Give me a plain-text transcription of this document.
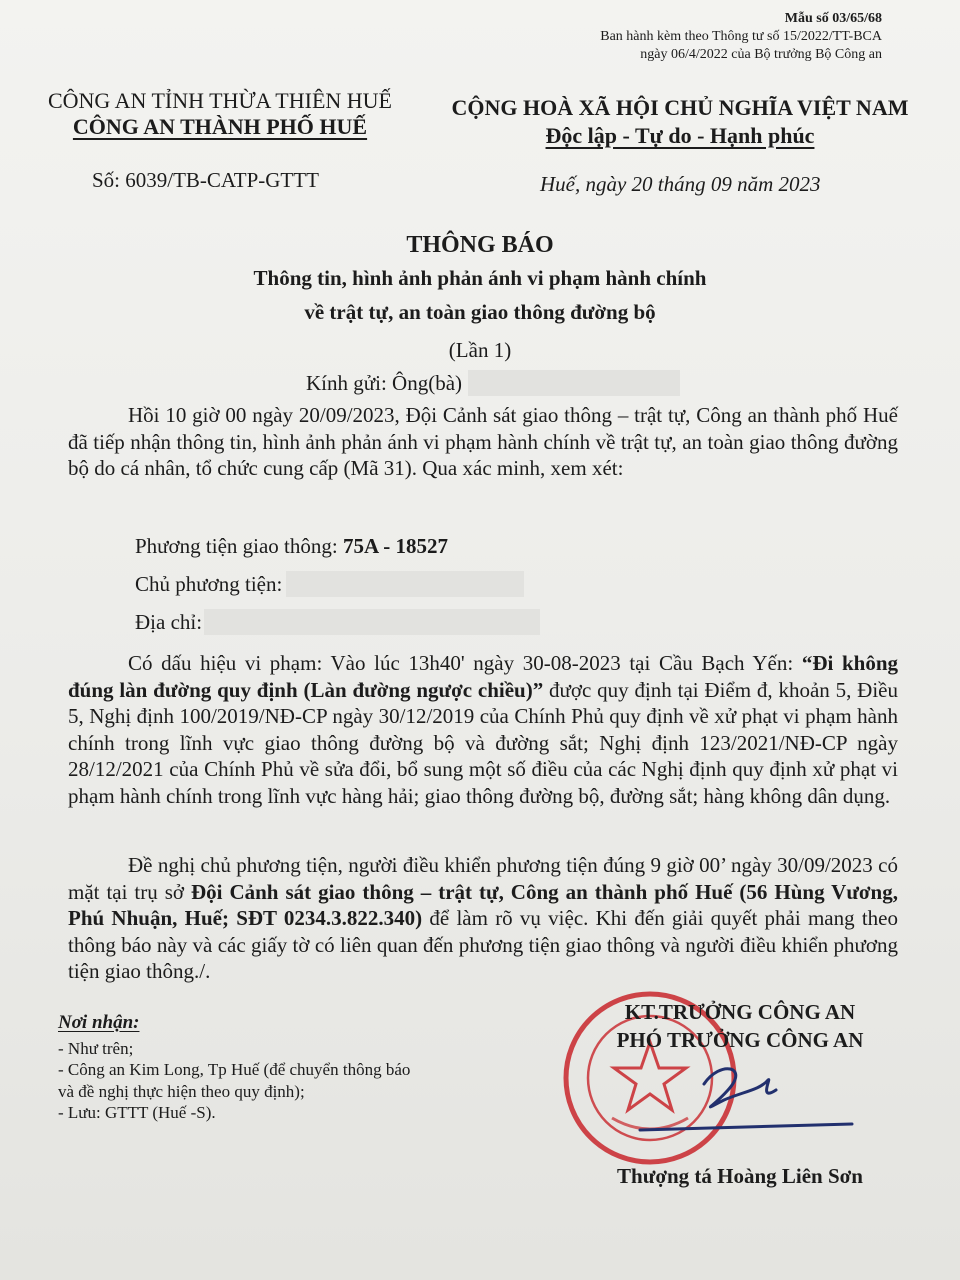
Mẫu số 03/65/68
Ban hành kèm theo Thông tư số 15/2022/TT-BCA
ngày 06/4/2022 của Bộ trưởng Bộ Công an
CÔNG AN TỈNH THỪA THIÊN HUẾ
CÔNG AN THÀNH PHỐ HUẾ
Số: 6039/TB-CATP-GTTT
CỘNG HOÀ XÃ HỘI CHỦ NGHĨA VIỆT NAM
Độc lập - Tự do - Hạnh phúc
Huế, ngày 20 tháng 09 năm 2023
THÔNG BÁO
Thông tin, hình ảnh phản ánh vi phạm hành chính
về trật tự, an toàn giao thông đường bộ
(Lần 1)
Kính gửi: Ông(bà)
Hồi 10 giờ 00 ngày 20/09/2023, Đội Cảnh sát giao thông – trật tự, Công an thành phố Huế đã tiếp nhận thông tin, hình ảnh phản ánh vi phạm hành chính về trật tự, an toàn giao thông đường bộ do cá nhân, tổ chức cung cấp (Mã 31). Qua xác minh, xem xét:
Phương tiện giao thông: 75A - 18527
Chủ phương tiện:
Địa chỉ:
Có dấu hiệu vi phạm: Vào lúc 13h40' ngày 30-08-2023 tại Cầu Bạch Yến: “Đi không đúng làn đường quy định (Làn đường ngược chiều)” được quy định tại Điểm đ, khoản 5, Điều 5, Nghị định 100/2019/NĐ-CP ngày 30/12/2019 của Chính Phủ quy định về xử phạt vi phạm hành chính trong lĩnh vực giao thông đường bộ và đường sắt; Nghị định 123/2021/NĐ-CP ngày 28/12/2021 của Chính Phủ về sửa đổi, bổ sung một số điều của các Nghị định quy định xử phạt vi phạm hành chính trong lĩnh vực hàng hải; giao thông đường bộ, đường sắt; hàng không dân dụng.
Đề nghị chủ phương tiện, người điều khiển phương tiện đúng 9 giờ 00’ ngày 30/09/2023 có mặt tại trụ sở Đội Cảnh sát giao thông – trật tự, Công an thành phố Huế (56 Hùng Vương, Phú Nhuận, Huế; SĐT 0234.3.822.340) để làm rõ vụ việc. Khi đến giải quyết phải mang theo thông báo này và các giấy tờ có liên quan đến phương tiện giao thông và người điều khiển phương tiện giao thông./.
Nơi nhận:
- Như trên;
- Công an Kim Long, Tp Huế (để chuyển thông báo
và đề nghị thực hiện theo quy định);
- Lưu: GTTT (Huế -S).
KT.TRƯỞNG CÔNG AN
PHÓ TRƯỞNG CÔNG AN
Thượng tá Hoàng Liên Sơn
